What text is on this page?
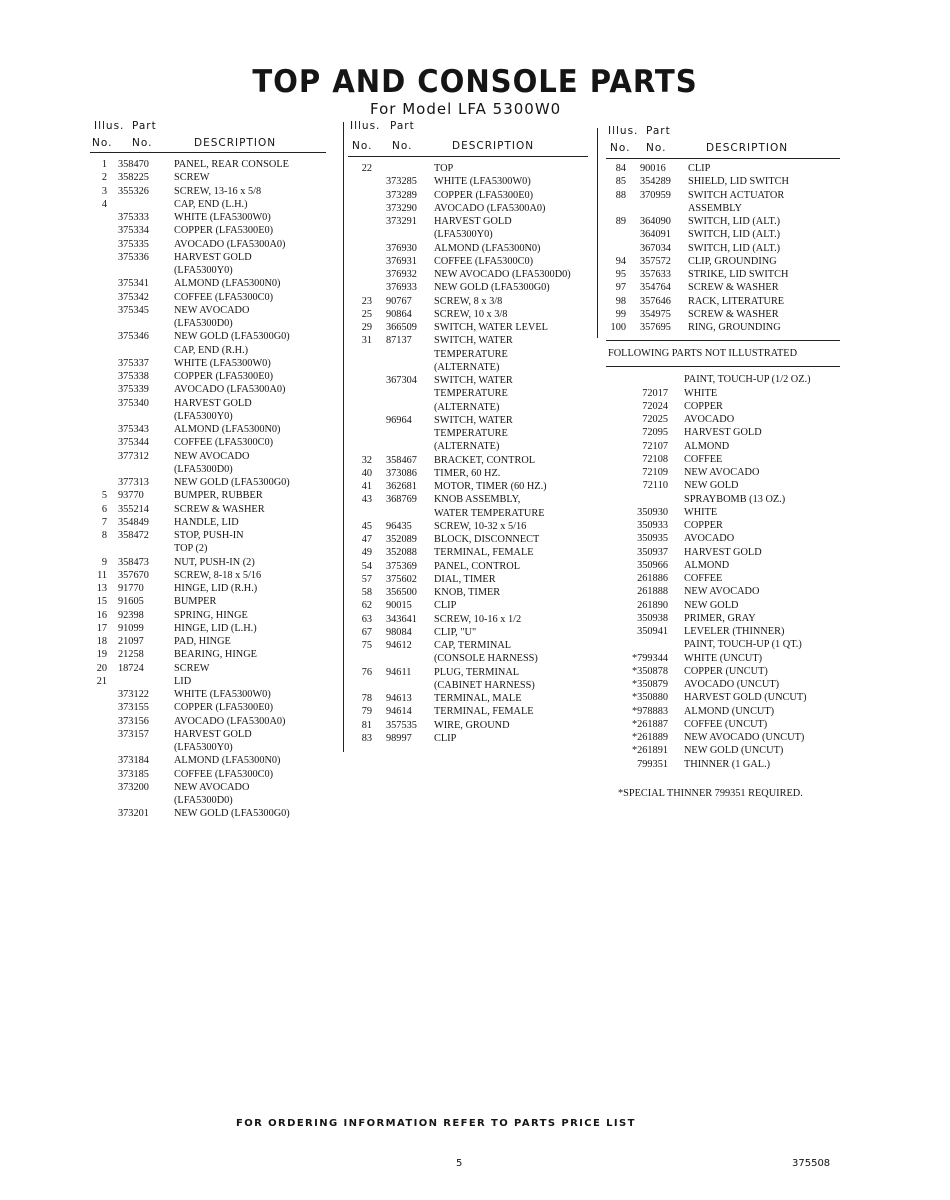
TOP AND CONSOLE PARTS
For Model LFA 5300W0
Illus. Part
No. No.	DESCRIPTION
1 358470 PANEL, REAR CONSOLE
2 358225 SCREW
3 355326 SCREW, 13-16 x 5/8
4	CAP, END (L.H.)
375333 WHITE (LFA5300W0)
375334 COPPER (LFA5300E0)
375335 AVOCADO (LFA5300A0)
375336 HARVEST GOLD
(LFA5300Y0)
375341 ALMOND (LFA5300N0)
375342 COFFEE (LFA5300C0)
375345 NEW AVOCADO
(LFA5300D0)
375346 NEW GOLD (LFA5300G0)
CAP, END (R.H.)
375337 WHITE (LFA5300W0)
375338 COPPER (LFA5300E0)
375339 AVOCADO (LFA5300A0)
375340 HARVEST GOLD
(LFA5300Y0)
375343 ALMOND (LFA5300N0)
375344 COFFEE (LFA5300C0)
377312 NEW AVOCADO
(LFA5300D0)
377313 NEW GOLD (LFA5300G0)
5 93770	BUMPER, RUBBER
6 355214 SCREW & WASHER
7 354849 HANDLE, LID
8 358472 STOP, PUSH-IN
TOP (2)
9 358473 NUT, PUSH-IN (2)
11 357670 SCREW, 8-18 x 5/16
13 91770	HINGE, LID (R.H.)
15 91605	BUMPER
16 92398	SPRING, HINGE
17 91099	HINGE, LID (L.H.)
18 21097	PAD, HINGE
19 21258	BEARING, HINGE
20 18724	SCREW
21	LID
373122 WHITE (LFA5300W0)
373155 COPPER (LFA5300E0)
373156 AVOCADO (LFA5300A0)
373157 HARVEST GOLD
(LFA5300Y0)
373184 ALMOND (LFA5300N0)
373185 COFFEE (LFA5300C0)
373200 NEW AVOCADO
(LFA5300D0)
373201 NEW GOLD (LFA5300G0)
Illus. Part
No. No.	DESCRIPTION
22	TOP
373285 WHITE (LFA5300W0)
373289 COPPER (LFA5300E0)
373290 AVOCADO (LFA5300A0)
373291 HARVEST GOLD
(LFA5300Y0)
376930 ALMOND (LFA5300N0)
376931 COFFEE (LFA5300C0)
376932 NEW AVOCADO (LFA5300D0)
376933 NEW GOLD (LFA5300G0)
23 90767 SCREW, 8 x 3/8
25 90864 SCREW, 10 x 3/8
29 366509 SWITCH, WATER LEVEL
31 87137 SWITCH, WATER
TEMPERATURE
(ALTERNATE)
367304 SWITCH, WATER
TEMPERATURE
(ALTERNATE)
96964 SWITCH, WATER
TEMPERATURE
(ALTERNATE)
32 358467 BRACKET, CONTROL
40 373086 TIMER, 60 HZ.
41 362681 MOTOR, TIMER (60 HZ.)
43 368769 KNOB ASSEMBLY,
WATER TEMPERATURE
45 96435 SCREW, 10-32 x 5/16
47 352089 BLOCK, DISCONNECT
49 352088 TERMINAL, FEMALE
54 375369 PANEL, CONTROL
57 375602 DIAL, TIMER
58 356500 KNOB, TIMER
62 90015 CLIP
63 343641 SCREW, 10-16 x 1/2
67 98084 CLIP, "U"
75 94612 CAP, TERMINAL
(CONSOLE HARNESS)
76 94611 PLUG, TERMINAL
(CABINET HARNESS)
78 94613 TERMINAL, MALE
79 94614 TERMINAL, FEMALE
81 357535 WIRE, GROUND
83 98997 CLIP
Illus. Part
No. No.	DESCRIPTION
84 90016 CLIP
85 354289 SHIELD, LID SWITCH
88 370959 SWITCH ACTUATOR
ASSEMBLY
89 364090 SWITCH, LID (ALT.)
364091 SWITCH, LID (ALT.)
367034 SWITCH, LID (ALT.)
94 357572 CLIP, GROUNDING
95 357633 STRIKE, LID SWITCH
97 354764 SCREW & WASHER
98 357646 RACK, LITERATURE
99 354975 SCREW & WASHER
100 357695 RING, GROUNDING
FOLLOWING PARTS NOT ILLUSTRATED
PAINT, TOUCH-UP (1/2 OZ.)
72017 WHITE
72024 COPPER
72025 AVOCADO
72095 HARVEST GOLD
72107 ALMOND
72108 COFFEE
72109 NEW AVOCADO
72110 NEW GOLD
SPRAYBOMB (13 OZ.)
350930 WHITE
350933 COPPER
350935 AVOCADO
350937 HARVEST GOLD
350966 ALMOND
261886 COFFEE
261888 NEW AVOCADO
261890 NEW GOLD
350938 PRIMER, GRAY
350941 LEVELER (THINNER)
PAINT, TOUCH-UP (1 QT.)
*799344 WHITE (UNCUT)
*350878 COPPER (UNCUT)
*350879 AVOCADO (UNCUT)
*350880 HARVEST GOLD (UNCUT)
*978883 ALMOND (UNCUT)
*261887 COFFEE (UNCUT)
*261889 NEW AVOCADO (UNCUT)
*261891 NEW GOLD (UNCUT)
799351 THINNER (1 GAL.)
*SPECIAL THINNER 799351 REQUIRED.
FOR ORDERING INFORMATION REFER TO PARTS PRICE LIST
5	375508
